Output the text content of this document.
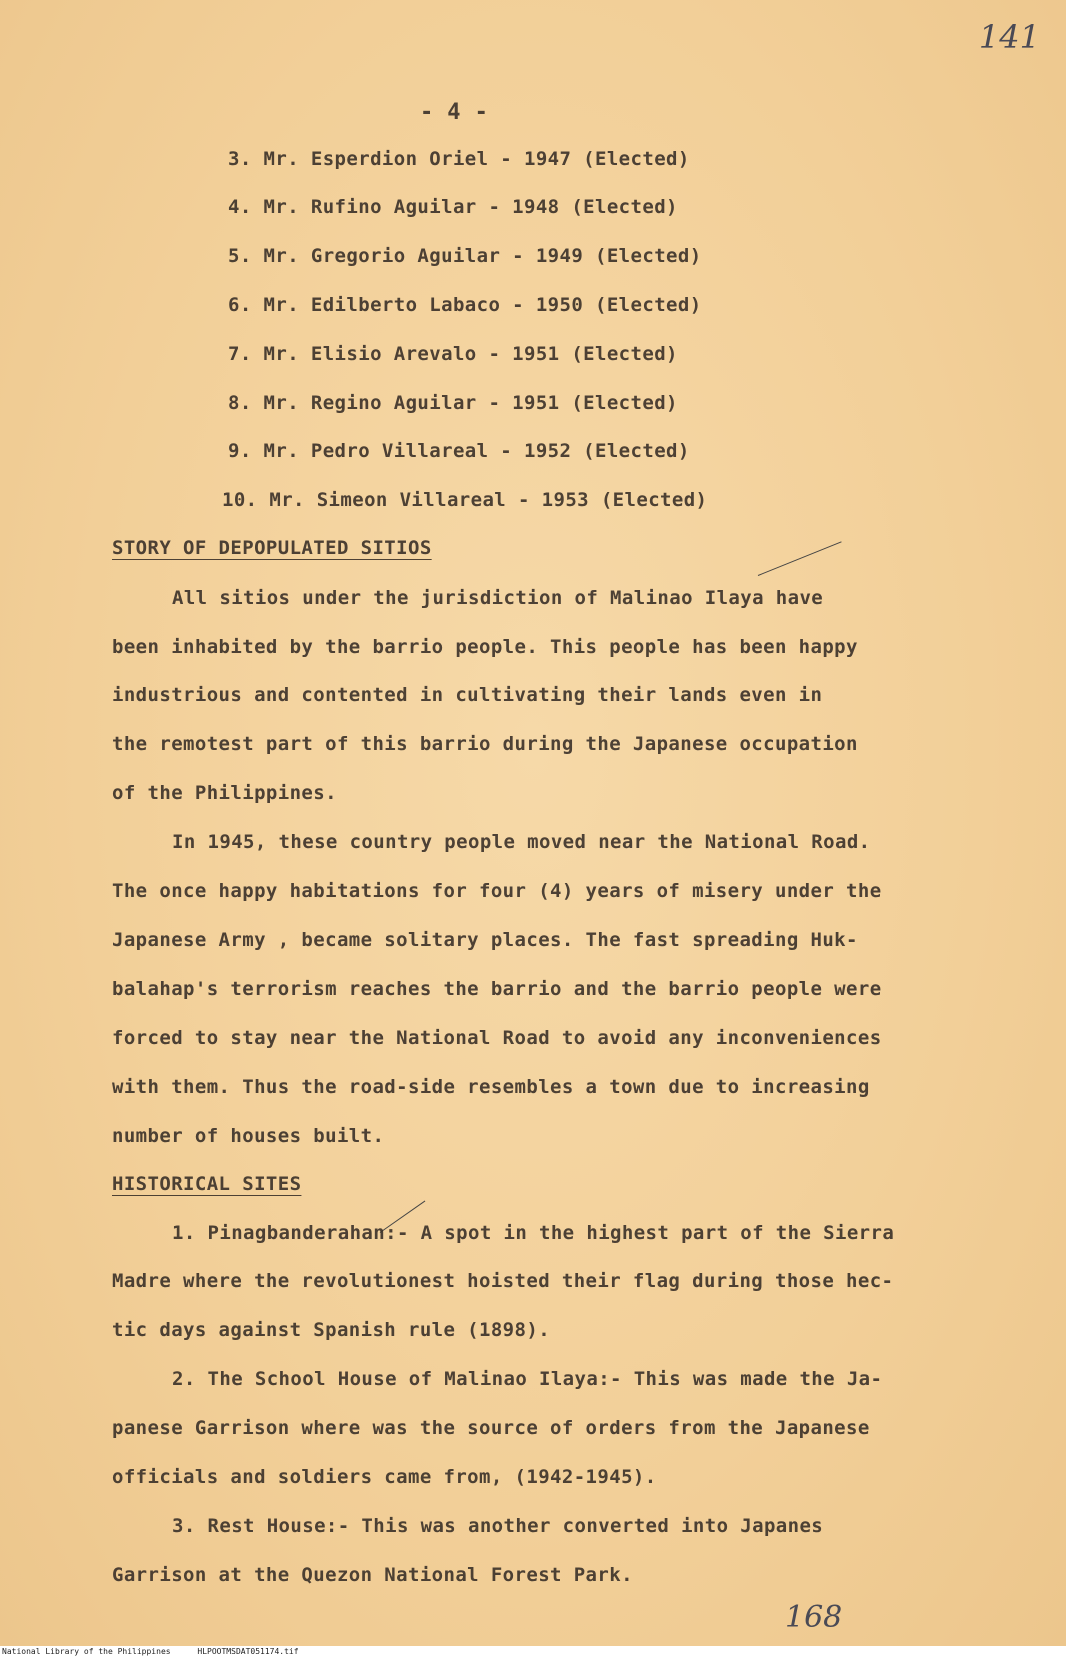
141
- 4 -
3. Mr. Esperdion Oriel - 1947 (Elected)
4. Mr. Rufino Aguilar - 1948 (Elected)
5. Mr. Gregorio Aguilar - 1949 (Elected)
6. Mr. Edilberto Labaco - 1950 (Elected)
7. Mr. Elisio Arevalo - 1951 (Elected)
8. Mr. Regino Aguilar - 1951 (Elected)
9. Mr. Pedro Villareal - 1952 (Elected)
10. Mr. Simeon Villareal - 1953 (Elected)
STORY OF DEPOPULATED SITIOS
All sitios under the jurisdiction of Malinao Ilaya have
been inhabited by the barrio people. This people has been happy
industrious and contented in cultivating their lands even in
the remotest part of this barrio during the Japanese occupation
of the Philippines.
In 1945, these country people moved near the National Road.
The once happy habitations for four (4) years of misery under the
Japanese Army , became solitary places. The fast spreading Huk-
balahap's terrorism reaches the barrio and the barrio people were
forced to stay near the National Road to avoid any inconveniences
with them. Thus the road-side resembles a town due to increasing
number of houses built.
HISTORICAL SITES
1. Pinagbanderahan:- A spot in the highest part of the Sierra
Madre where the revolutionest hoisted their flag during those hec-
tic days against Spanish rule (1898).
2. The School House of Malinao Ilaya:- This was made the Ja-
panese Garrison where was the source of orders from the Japanese
officials and soldiers came from, (1942-1945).
3. Rest House:- This was another converted into Japanes
Garrison at the Quezon National Forest Park.
168
National Library of the Philippines	HLPOOTMSDAT051174.tif
